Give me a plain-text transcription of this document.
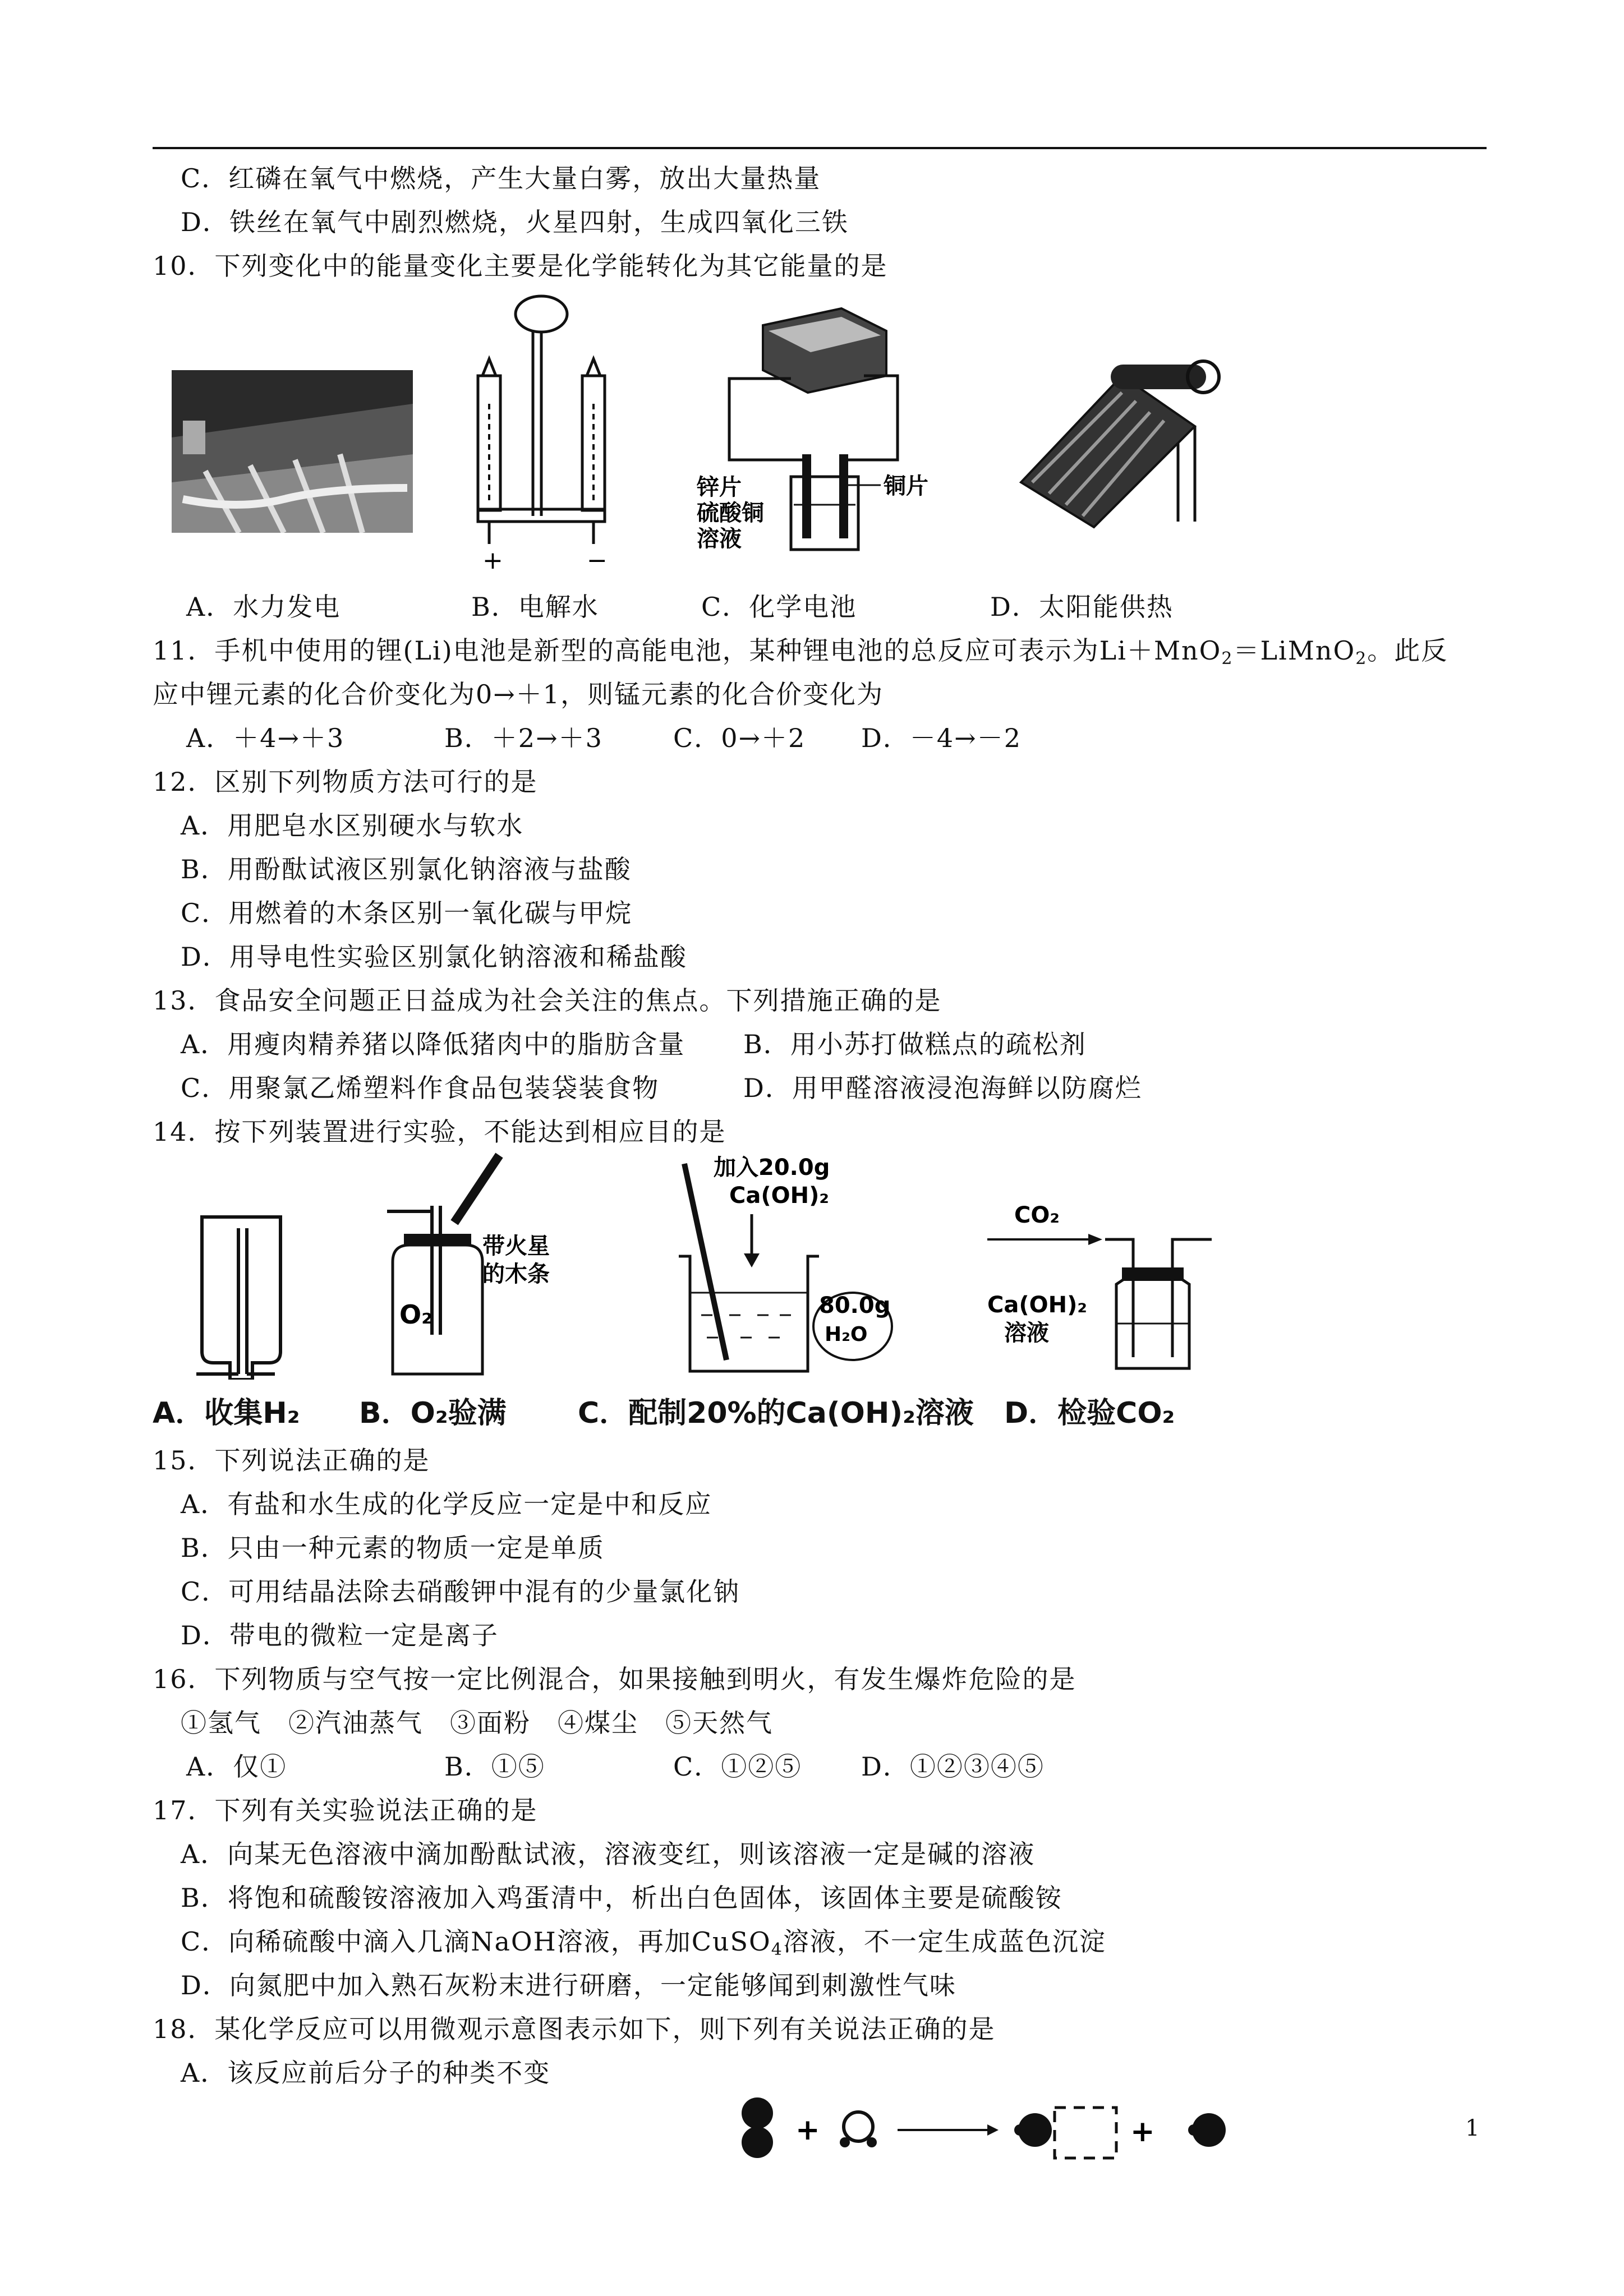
C．红磷在氧气中燃烧，产生大量白雾，放出大量热量
D．铁丝在氧气中剧烈燃烧，火星四射，生成四氧化三铁
10．下列变化中的能量变化主要是化学能转化为其它能量的是
+	−
锌片
硫酸铜
溶液
铜片
A．水力发电	B．电解水	C．化学电池	D．太阳能供热
11．手机中使用的锂(Li)电池是新型的高能电池，某种锂电池的总反应可表示为Li＋MnO$_2$＝LiMnO$_2$。此反
应中锂元素的化合价变化为0→＋1，则锰元素的化合价变化为
A．＋4→＋3	B．＋2→＋3	C．0→＋2 D．－4→－2
12．区别下列物质方法可行的是
A．用肥皂水区别硬水与软水
B．用酚酞试液区别氯化钠溶液与盐酸
C．用燃着的木条区别一氧化碳与甲烷
D．用导电性实验区别氯化钠溶液和稀盐酸
13．食品安全问题正日益成为社会关注的焦点。下列措施正确的是
A．用瘦肉精养猪以降低猪肉中的脂肪含量 B．用小苏打做糕点的疏松剂
C．用聚氯乙烯塑料作食品包装袋装食物	D．用甲醛溶液浸泡海鲜以防腐烂
14．按下列装置进行实验，不能达到相应目的是
O₂
带火星
的木条
加入20.0g
Ca(OH)₂
80.0g
H₂O
CO₂
Ca(OH)₂
溶液
A．收集H₂ B．O₂验满 C．配制20%的Ca(OH)₂溶液 D．检验CO₂
15．下列说法正确的是
A．有盐和水生成的化学反应一定是中和反应
B．只由一种元素的物质一定是单质
C．可用结晶法除去硝酸钾中混有的少量氯化钠
D．带电的微粒一定是离子
16．下列物质与空气按一定比例混合，如果接触到明火，有发生爆炸危险的是
①氢气　②汽油蒸气　③面粉　④煤尘　⑤天然气
A．仅①	B．①⑤	C．①②⑤ D．①②③④⑤
17．下列有关实验说法正确的是
A．向某无色溶液中滴加酚酞试液，溶液变红，则该溶液一定是碱的溶液
B．将饱和硫酸铵溶液加入鸡蛋清中，析出白色固体，该固体主要是硫酸铵
C．向稀硫酸中滴入几滴NaOH溶液，再加CuSO$_4$溶液，不一定生成蓝色沉淀
D．向氮肥中加入熟石灰粉末进行研磨，一定能够闻到刺激性气味
18．某化学反应可以用微观示意图表示如下，则下列有关说法正确的是
A．该反应前后分子的种类不变
+	+	1
